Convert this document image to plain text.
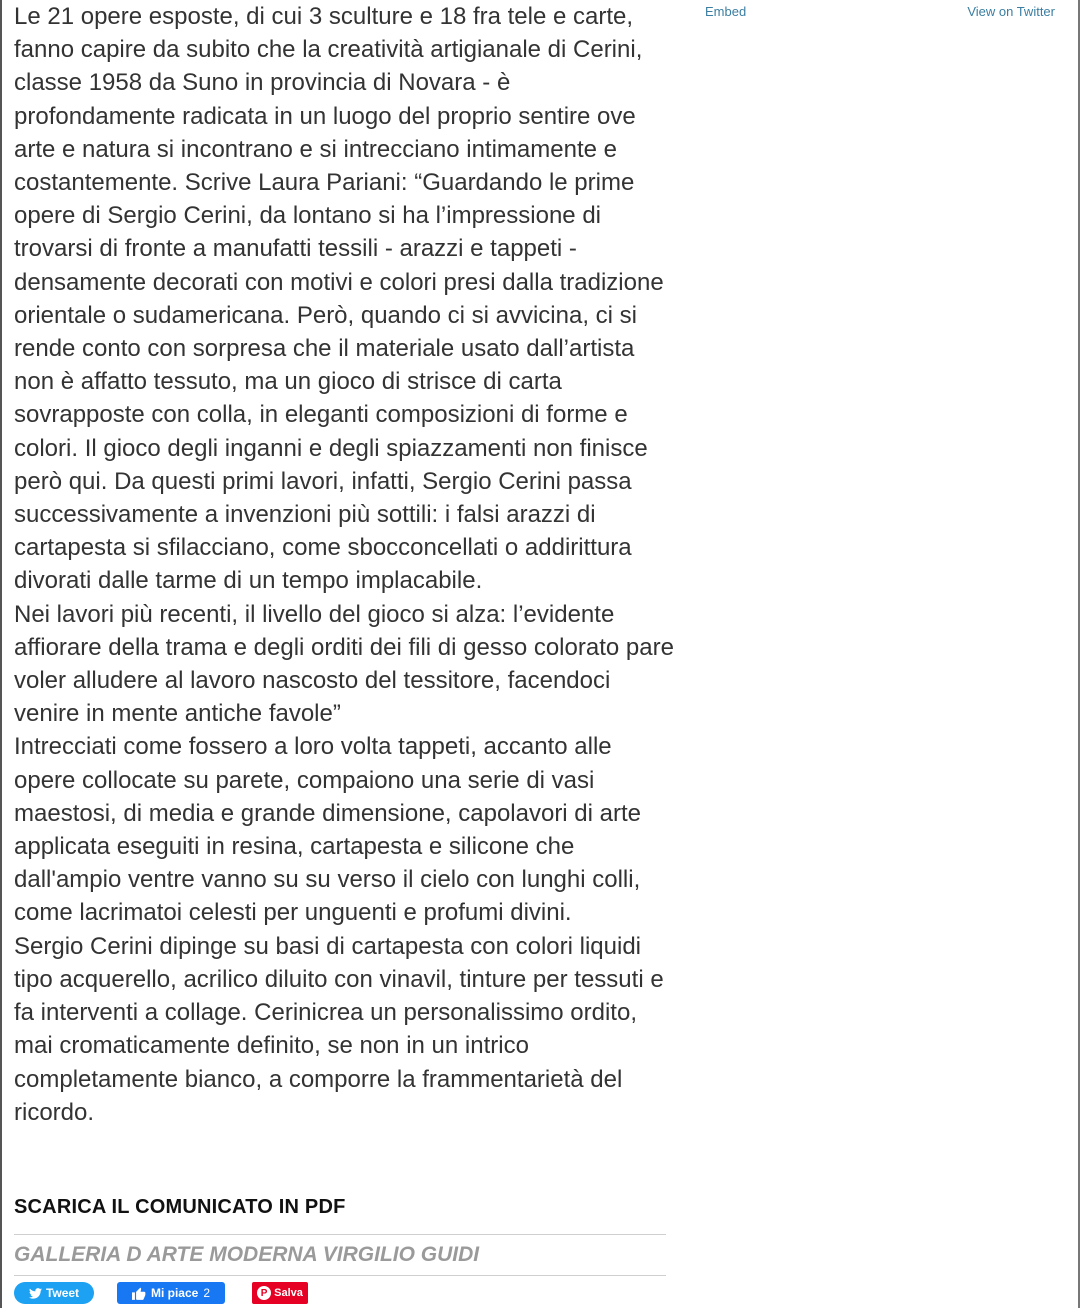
Le 21 opere esposte, di cui 3 sculture e 18 fra tele e carte, fanno capire da subito che la creatività artigianale di Cerini, classe 1958 da Suno in provincia di Novara - è profondamente radicata in un luogo del proprio sentire ove arte e natura si incontrano e si intrecciano intimamente e costantemente. Scrive Laura Pariani: “Guardando le prime opere di Sergio Cerini, da lontano si ha l’impressione di trovarsi di fronte a manufatti tessili - arazzi e tappeti - densamente decorati con motivi e colori presi dalla tradizione orientale o sudamericana. Però, quando ci si avvicina, ci si rende conto con sorpresa che il materiale usato dall’artista non è affatto tessuto, ma un gioco di strisce di carta sovrapposte con colla, in eleganti composizioni di forme e colori. Il gioco degli inganni e degli spiazzamenti non finisce però qui. Da questi primi lavori, infatti, Sergio Cerini passa successivamente a invenzioni più sottili: i falsi arazzi di cartapesta si sfilacciano, come sbocconcellati o addirittura divorati dalle tarme di un tempo implacabile.

Nei lavori più recenti, il livello del gioco si alza: l’evidente affiorare della trama e degli orditi dei fili di gesso colorato pare voler alludere al lavoro nascosto del tessitore, facendoci venire in mente antiche favole”

Intrecciati come fossero a loro volta tappeti, accanto alle opere collocate su parete, compaiono una serie di vasi maestosi, di media e grande dimensione, capolavori di arte applicata eseguiti in resina, cartapesta e silicone che dall'ampio ventre vanno su su verso il cielo con lunghi colli, come lacrimatoi celesti per unguenti e profumi divini.

Sergio Cerini dipinge su basi di cartapesta con colori liquidi tipo acquerello, acrilico diluito con vinavil, tinture per tessuti e fa interventi a collage. Cerinicrea un personalissimo ordito, mai cromaticamente definito, se non in un intrico completamente bianco, a comporre la frammentarietà del ricordo.

Embed	View on Twitter
SCARICA IL COMUNICATO IN PDF
GALLERIA D ARTE MODERNA VIRGILIO GUIDI
Tweet	Mi piace 2	P Salva
